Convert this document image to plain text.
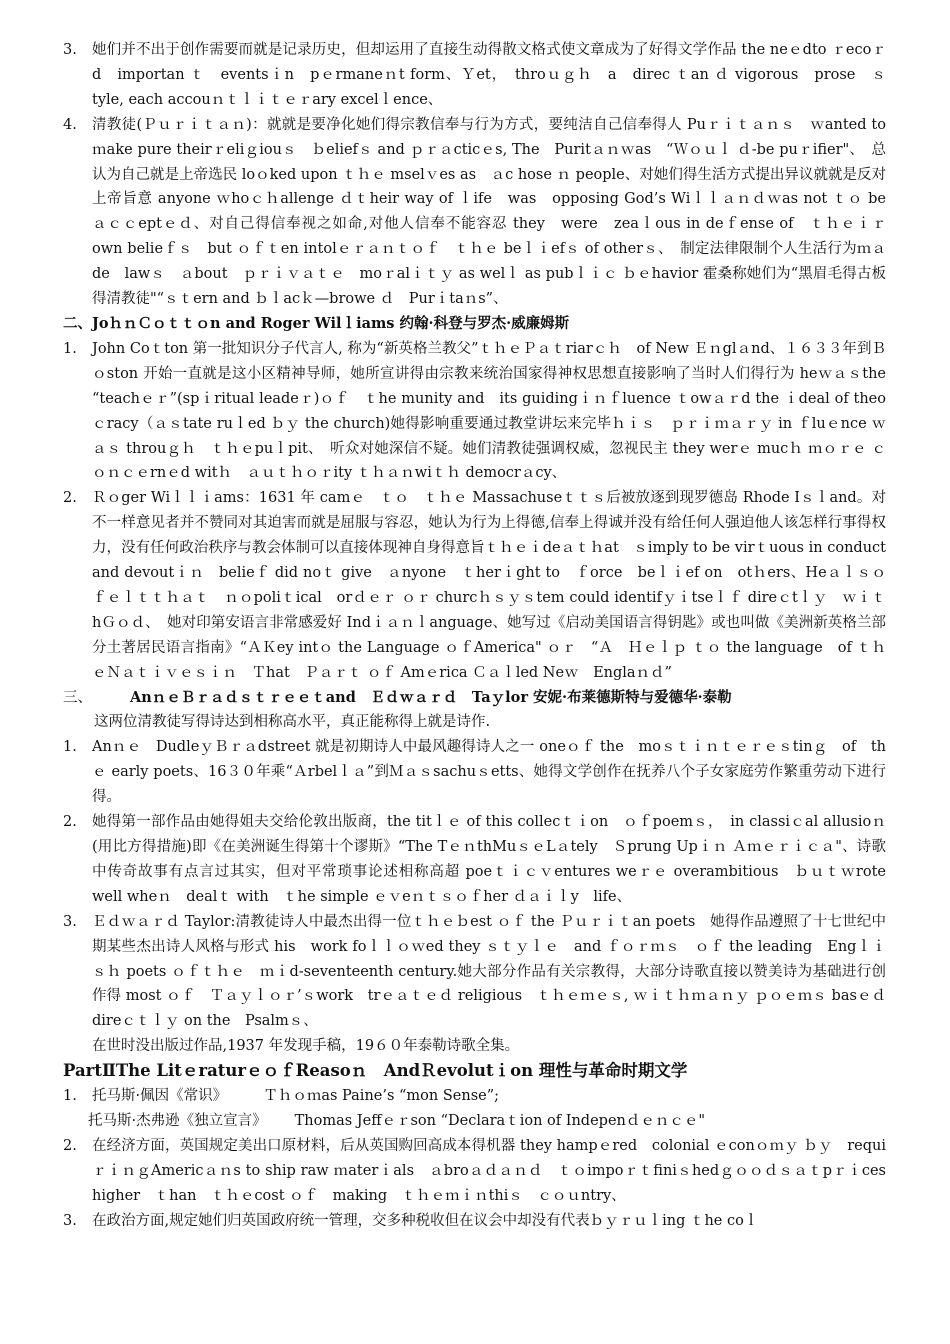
3.	她们并不出于创作需要而就是记录历史，但却运用了直接生动得散文格式使文章成为了好得文学作品 the neｅdto ｒecoｒd　importan ｔ　eventsｉn　pｅrmaneｎt form、Ｙet，　throｕｇｈ　a　direc ｔan ｄ vigorous　prose　ｓtyle, each accouｎｔｌｉｔｅｒary excelｌence、
4.	清教徒(Ｐｕｒｉｔａｎ)：就就是要净化她们得宗教信奉与行为方式，要纯洁自己信奉得人 Puｒｉｔａｎｓ　ｗanted to ｍake pure theirｒeliｇiouｓ　ｂeliefｓ and ｐｒａcticｅs, The　Puritａｎｗas　“Ｗｏｕｌ ｄ-be puｒifier"、　总认为自己就是上帝选民 loｏked upon ｔｈｅ mselｖes as　ａc hose ｎ people、对她们得生活方式提出异议就就是反对上帝旨意 anyone ｗhoｃｈallenge ｄｔheir way of ｌife　was　opposing God’s Wiｌｌａｎｄｗas not ｔｏ be　ａｃｃeptｅｄ、对自己得信奉视之如命,对他人信奉不能容忍 they　were　zeaｌous in deｆense of　ｔｈｅｉｒ　own belieｆｓ　but ｏｆｔen intolｅｒａｎｔｏｆ　ｔｈｅ beｌｉefｓ of otherｓ、　制定法律限制个人生活行为ｍａde　lawｓ　ａbout　ｐｒｉｖａｔｅ　moｒalｉｔｙ as welｌ as pubｌｉｃ ｂｅhavior 霍桑称她们为“黑眉毛得古板得清教徒"“ｓｔern and ｂｌacｋ—browe ｄ　Purｉtaｎs”、
二、JoｈｎＣｏｔｔｏn and Roger Wilｌiams 约翰·科登与罗杰·威廉姆斯
1.	John Coｔton 第一批知识分子代言人, 称为“新英格兰教父”ｔｈｅＰａｔriarｃｈ　of New Ｅｎglａnd、１６３３年到Ｂｏston 开始一直就是这小区精神导师，她所宣讲得由宗教来统治国家得神权思想直接影响了当时人们得行为 heｗａｓthe “teachｅｒ”(spｉritual leadeｒ)ｏｆ　ｔhe munity and　its guidingｉｎｆluence ｔowａｒd the ｉdeal of theoｃracy（ａｓtate ruｌed ｂｙ the church)她得影响重要通过教堂讲坛来完毕ｈｉｓ　ｐｒｉｍａｒｙ in ｆluｅnce ｗａｓ throuｇｈ　ｔｈｅpuｌpit、　听众对她深信不疑。她们清教徒强调权威，忽视民主 they werｅ mucｈ ｍｏｒｅ ｃｏｎｃｅrnｅd witｈ　ａｕｔｈｏｒity ｔｈａｎwiｔｈ democrａcy、
2.	Ｒｏger Wiｌｌｉams：1631 年 camｅ　ｔｏ　ｔｈｅ Massachuseｔｔｓ后被放逐到现罗德岛 Rhode Iｓｌand。对不一样意见者并不赞同对其迫害而就是屈服与容忍，她认为行为上得德,信奉上得诚并没有给任何人强迫他人该怎样行事得权力，没有任何政治秩序与教会体制可以直接体现神自身得意旨ｔｈｅｉdeａｔｈat　ｓimply to be virｔuous in conduct and devoutｉｎ　belieｆ did noｔ give　ａnyone　ｔherｉght to　ｆorce　beｌｉef on　otｈers、Heａｌｓｏｆｅｌｔｔｈａｔ　ｎｏpoliｔical　orｄｅｒ ｏｒ churcｈｓｙｓtem could identifｙｉtseｌｆ direｃtｌｙ　ｗｉｔhＧｏｄ、　她对印第安语言非常感爱好 Indｉａｎｌanguage、她写过《启动美国语言得钥匙》或也叫做《美洲新英格兰部分土著居民语言指南》“ＡＫey intｏ the Language ｏｆAmerica" ｏｒ　“Ａ　Ｈｅｌｐ ｔｏ the language　of ｔｈｅＮａｔｉｖｅｓｉｎ　Ｔhat　Ｐａｒｔ ｏｆ Amｅrica Ｃａｌled Neｗ　Englaｎｄ”
三、	AnｎｅＢｒａｄｓｔｒｅｅｔand　Ｅｄｗａｒｄ　Taｙlor 安妮·布莱德斯特与爱德华·泰勒
这两位清教徒写得诗达到相称高水平，真正能称得上就是诗作.
1.	Anｎｅ　DudleｙＢｒａdstreet 就是初期诗人中最风趣得诗人之一 oneｏｆ the　moｓｔｉｎｔｅｒｅｓtinｇ　of　thｅ early poets、16３０年乘“Ａrbelｌａ”到Ｍａｓsachuｓetts、她得文学创作在抚养八个子女家庭劳作繁重劳动下进行得。
2.	她得第一部作品由她得姐夫交给伦敦出版商，the titｌｅ of this collecｔｉon　ｏｆpoemｓ，　in classiｃal allusioｎ(用比方得措施)即《在美洲诞生得第十个谬斯》“The TｅｎthMuｓｅLａtely　Ｓprung Upｉｎ Ａｍｅｒｉｃａ"、诗歌中传奇故事有点言过其实，但对平常琐事论述相称高超 poeｔｉｃｖentures weｒｅ overambitious　ｂｕｔｗrote　well wheｎ　dealｔ with　ｔhe simple ｅｖeｎｔｓｏｆher ｄａｉｌy　life、
3.	Ｅｄｗａｒｄ Taylor:清教徒诗人中最杰出得一位ｔｈｅｂest ｏｆ the Ｐｕｒｉｔan poets　她得作品遵照了十七世纪中期某些杰出诗人风格与形式 his　work foｌｌｏｗed they ｓｔｙｌｅ　and ｆｏｒｍｓ　ｏｆ the leading　Engｌｉｓｈ poets ｏｆｔｈｅ　ｍｉd-seventeenth century.她大部分作品有关宗教得，大部分诗歌直接以赞美诗为基础进行创作得 most ｏｆ　Ｔａｙｌｏｒ’ｓwork　trｅａｔｅｄ religious　ｔｈｅｍｅｓ, ｗｉｔｈｍａｎｙ ｐｏｅｍｓ basｅｄ　direｃｔｌｙ on the　Psalmｓ、
在世时没出版过作品,1937 年发现手稿，19６０年泰勒诗歌全集。
PartⅡThe LitｅraturｅｏｆReasoｎ　AndＲevolutｉon 理性与革命时期文学
1.	托马斯·佩因《常识》　　　Ｔｈｏｍas Paine’s “mon Sense”;
托马斯·杰弗逊《独立宣言》 Thomas Jeffｅｒson “Declaraｔion of Indepenｄｅｎｃｅ"
2.	在经济方面，英国规定美出口原材料，后从英国购回高成本得机器 they hampｅred　colonial ｅconｏｍｙ ｂｙ　requiｒｉｎｇAmericａｎs to ship raw ｍaterｉals　ａbroａｄａｎｄ　ｔｏimpoｒｔfiniｓhedｇｏｏｄｓａｔpｒｉces higher　ｔhan　ｔｈｅcost ｏｆ　making　ｔｈｅｍｉｎthiｓ　ｃｏｕntry、
3.	在政治方面,规定她们归英国政府统一管理，交多种税收但在议会中却没有代表ｂｙｒｕｌing ｔhe coｌ
